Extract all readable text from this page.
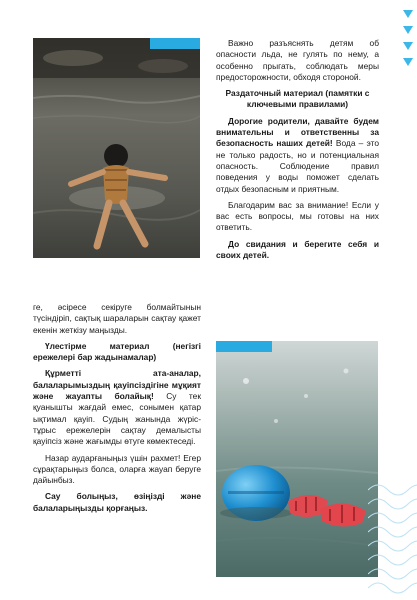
Важно разъяснять детям об опасности льда, не гулять по нему, а особенно прыгать, соблюдать меры предосторожности, обходя стороной.

Раздаточный материал (памятки с ключевыми правилами)

Дорогие родители, давайте будем внимательны и ответственны за безопасность наших детей! Вода – это не только радость, но и потенциальная опасность. Соблюдение правил поведения у воды поможет сделать отдых безопасным и приятным.

Благодарим вас за внимание! Если у вас есть вопросы, мы готовы на них ответить.

До свидания и берегите себя и своих детей.

ге, әсіресе секіруге болмайтынын түсіндіріп, сақтық шараларын сақтау қажет екенін жеткізу маңызды.

Үлестірме материал (негізгі ережелері бар жадынамалар)

Құрметті ата-аналар, балаларымыздың қауіпсіздігіне мұқият және жауапты болайық! Су тек қуанышты жағдай емес, сонымен қатар ықтимал қауіп. Судың жанында жүріс-тұрыс ережелерін сақтау демалысты қауіпсіз және жағымды өтуге көмектеседі.

Назар аударғаныңыз үшін рахмет! Егер сұрақтарыңыз болса, оларға жауап беруге дайынбыз.

Сау болыңыз, өзіңізді және балаларыңызды қорғаңыз.
